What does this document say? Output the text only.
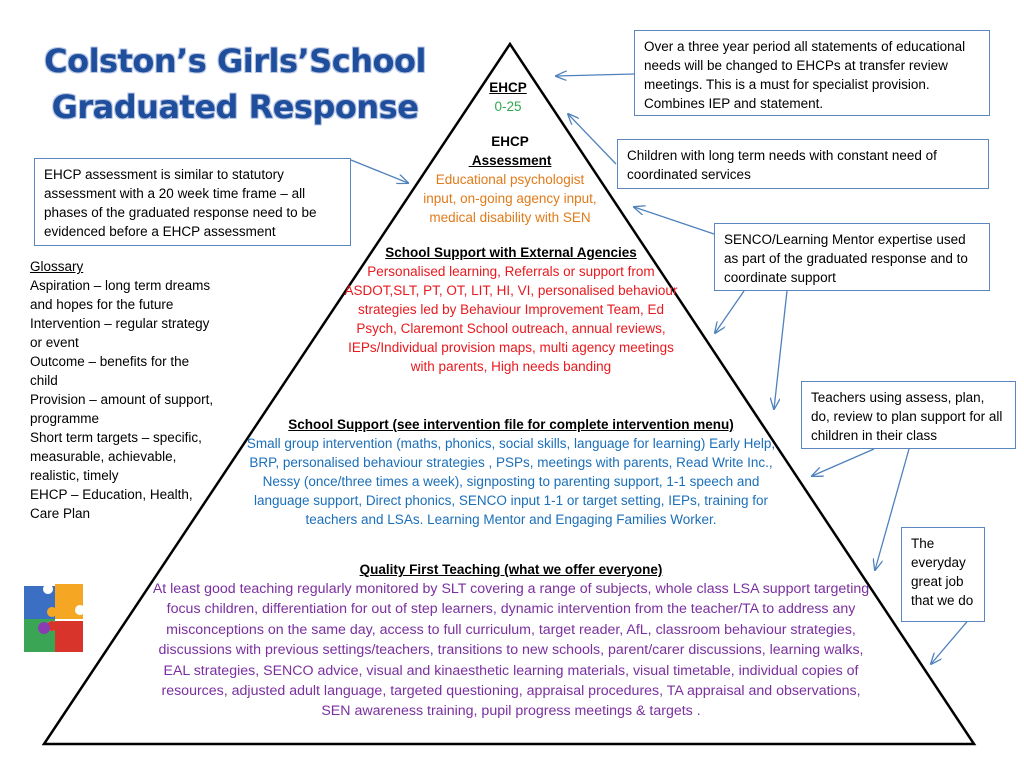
Colston’s Girls’School
Graduated Response
EHCP
0-25
EHCP
Assessment
Educational psychologist input, on-going agency input, medical disability with SEN
School Support with External Agencies
Personalised learning, Referrals or support from ASDOT,SLT, PT, OT, LIT, HI, VI, personalised behaviour strategies led by Behaviour Improvement Team, Ed Psych, Claremont School outreach, annual reviews, IEPs/Individual provision maps, multi agency meetings with parents, High needs banding
School Support (see intervention file for complete intervention menu)
Small group intervention (maths, phonics, social skills, language for learning) Early Help, BRP, personalised behaviour strategies , PSPs, meetings with parents, Read Write Inc., Nessy (once/three times a week), signposting to parenting support, 1-1 speech and language support, Direct phonics, SENCO input 1-1 or target setting, IEPs, training for teachers and LSAs. Learning Mentor and Engaging Families Worker.
Quality First Teaching (what we offer everyone)
At least good teaching regularly monitored by SLT covering a range of subjects, whole class LSA support targeting focus children, differentiation for out of step learners, dynamic intervention from the teacher/TA to address any misconceptions on the same day, access to full curriculum, target reader, AfL, classroom behaviour strategies, discussions with previous settings/teachers, transitions to new schools, parent/carer discussions, learning walks, EAL strategies, SENCO advice, visual and kinaesthetic learning materials, visual timetable, individual copies of resources, adjusted adult language, targeted questioning, appraisal procedures, TA appraisal and observations, SEN awareness training, pupil progress meetings & targets .
Over a three year period all statements of educational needs will be changed to EHCPs at transfer review meetings. This is a must for specialist provision. Combines IEP and statement.
Children with long term needs with constant need of coordinated services
EHCP assessment is similar to statutory assessment with a 20 week time frame – all phases of the graduated response need to be evidenced before a EHCP assessment
SENCO/Learning Mentor expertise used as part of the graduated response and to coordinate support
Teachers using assess, plan, do, review to plan support for all children in their class
The everyday great job that we do
Glossary
Aspiration – long term dreams and hopes for the future
Intervention – regular strategy or event
Outcome – benefits for the child
Provision – amount of support, programme
Short term targets – specific, measurable, achievable, realistic, timely
EHCP – Education, Health, Care Plan
